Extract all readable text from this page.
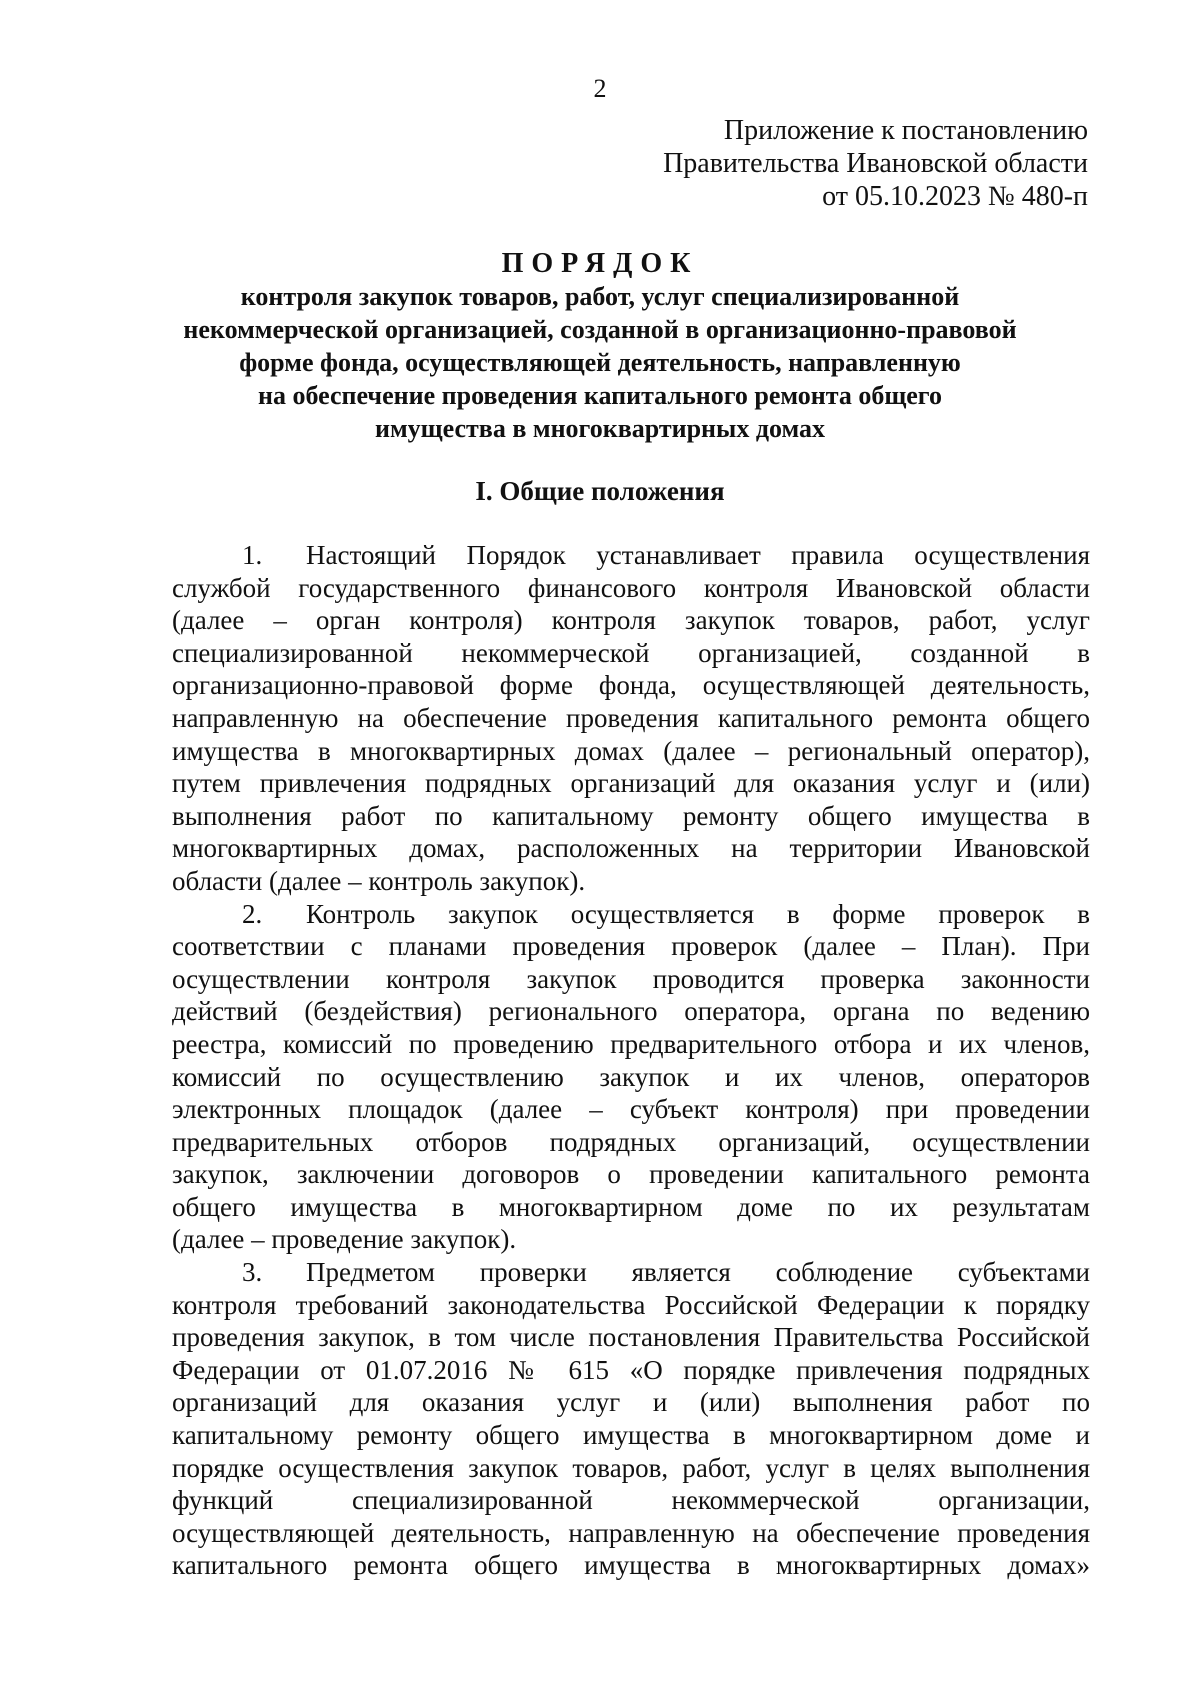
2
Приложение к постановлению
Правительства Ивановской области
от 05.10.2023 № 480-п
ПОРЯДОК
контроля закупок товаров, работ, услуг специализированной
некоммерческой организацией, созданной в организационно-правовой
форме фонда, осуществляющей деятельность, направленную
на обеспечение проведения капитального ремонта общего
имущества в многоквартирных домах
I. Общие положения
1. Настоящий Порядок устанавливает правила осуществления
службой государственного финансового контроля Ивановской области
(далее – орган контроля) контроля закупок товаров, работ, услуг
специализированной некоммерческой организацией, созданной в
организационно-правовой форме фонда, осуществляющей деятельность,
направленную на обеспечение проведения капитального ремонта общего
имущества в многоквартирных домах (далее – региональный оператор),
путем привлечения подрядных организаций для оказания услуг и (или)
выполнения работ по капитальному ремонту общего имущества в
многоквартирных домах, расположенных на территории Ивановской
области (далее – контроль закупок).
2. Контроль закупок осуществляется в форме проверок в
соответствии с планами проведения проверок (далее – План). При
осуществлении контроля закупок проводится проверка законности
действий (бездействия) регионального оператора, органа по ведению
реестра, комиссий по проведению предварительного отбора и их членов,
комиссий по осуществлению закупок и их членов, операторов
электронных площадок (далее – субъект контроля) при проведении
предварительных отборов подрядных организаций, осуществлении
закупок, заключении договоров о проведении капитального ремонта
общего имущества в многоквартирном доме по их результатам
(далее – проведение закупок).
3. Предметом проверки является соблюдение субъектами
контроля требований законодательства Российской Федерации к порядку
проведения закупок, в том числе постановления Правительства Российской
Федерации от 01.07.2016 № 615 «О порядке привлечения подрядных
организаций для оказания услуг и (или) выполнения работ по
капитальному ремонту общего имущества в многоквартирном доме и
порядке осуществления закупок товаров, работ, услуг в целях выполнения
функций специализированной некоммерческой организации,
осуществляющей деятельность, направленную на обеспечение проведения
капитального ремонта общего имущества в многоквартирных домах»
